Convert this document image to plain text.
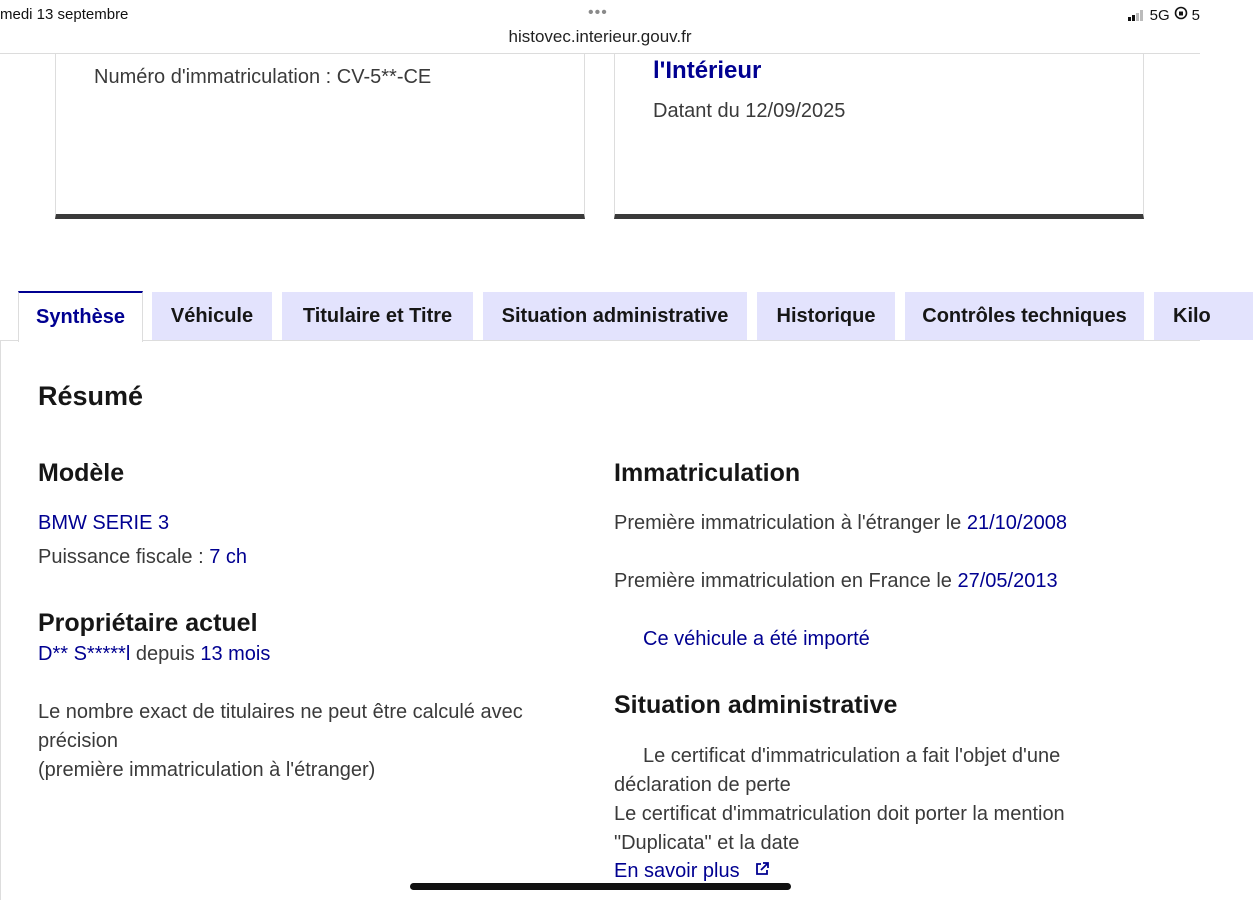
medi 13 septembre	•••	5G 5
histovec.interieur.gouv.fr
Numéro d'immatriculation : CV-5**-CE	l'Intérieur
Datant du 12/09/2025
Synthèse	Véhicule	Titulaire et Titre	Situation administrative	Historique	Contrôles techniques	Kilo
Résumé
Modèle
BMW SERIE 3
Puissance fiscale : 7 ch
Propriétaire actuel
D** S*****l depuis 13 mois
Le nombre exact de titulaires ne peut être calculé avec
précision
(première immatriculation à l'étranger)
Immatriculation
Première immatriculation à l'étranger le 21/10/2008
Première immatriculation en France le 27/05/2013
Ce véhicule a été importé
Situation administrative
Le certificat d'immatriculation a fait l'objet d'une
déclaration de perte
Le certificat d'immatriculation doit porter la mention
"Duplicata" et la date
En savoir plus
